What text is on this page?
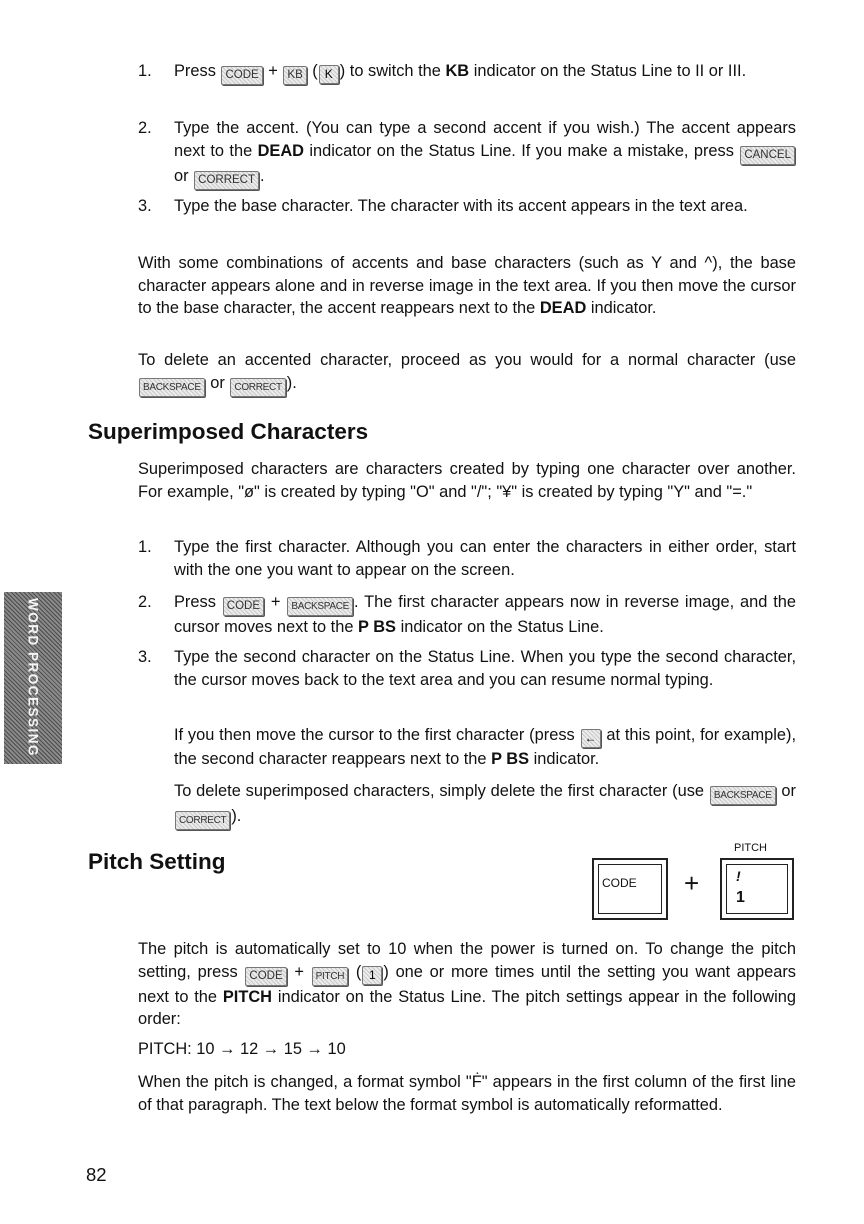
1.	Press CODE + KB ( K ) to switch the KB indicator on the Status Line to II or III.
2.	Type the accent. (You can type a second accent if you wish.) The accent appears next to the DEAD indicator on the Status Line. If you make a mistake, press CANCEL or CORRECT .
3.	Type the base character. The character with its accent appears in the text area.
With some combinations of accents and base characters (such as Y and ^), the base character appears alone and in reverse image in the text area. If you then move the cursor to the base character, the accent reappears next to the DEAD indicator.
To delete an accented character, proceed as you would for a normal character (use BACKSPACE or CORRECT ).
Superimposed Characters
Superimposed characters are characters created by typing one character over another. For example, "ø" is created by typing "O" and "/"; "¥" is created by typing "Y" and "=."
1.	Type the first character. Although you can enter the characters in either order, start with the one you want to appear on the screen.
2.	Press CODE + BACKSPACE . The first character appears now in reverse image, and the cursor moves next to the P BS indicator on the Status Line.
3.	Type the second character on the Status Line. When you type the second character, the cursor moves back to the text area and you can resume normal typing.
If you then move the cursor to the first character (press ← at this point, for example), the second character reappears next to the P BS indicator.
To delete superimposed characters, simply delete the first character (use BACKSPACE or CORRECT ).
Pitch Setting
CODE +
PITCH
!
1
The pitch is automatically set to 10 when the power is turned on. To change the pitch setting, press CODE + PITCH ( 1 ) one or more times until the setting you want appears next to the PITCH indicator on the Status Line. The pitch settings appear in the following order:
PITCH: 10 → 12 → 15 → 10
When the pitch is changed, a format symbol "Ḟ" appears in the first column of the first line of that paragraph. The text below the format symbol is automatically reformatted.
WORD PROCESSING
82
